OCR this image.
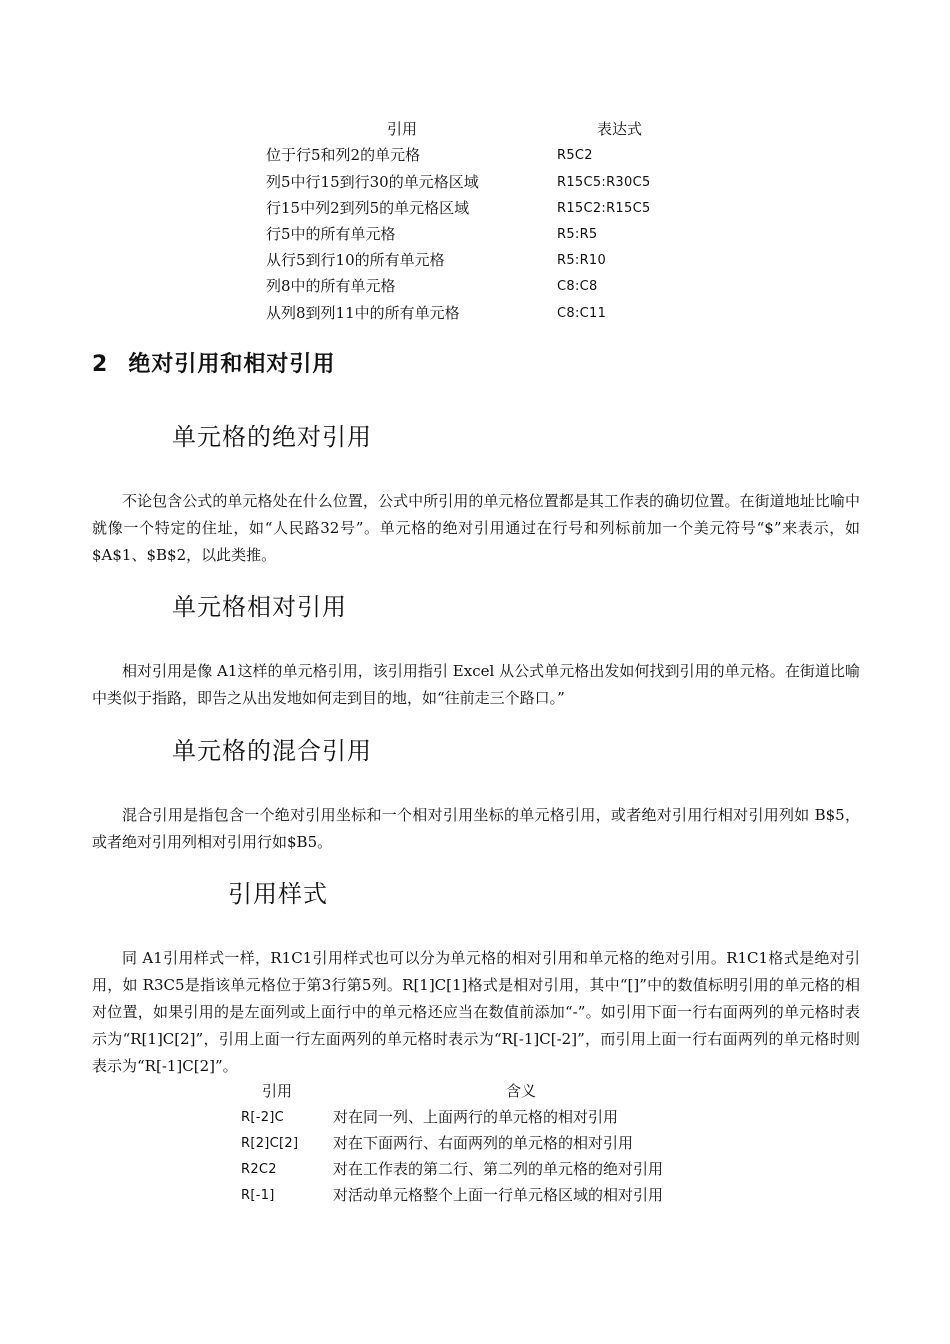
引用	表达式
位于行5和列2的单元格	R5C2
列5中行15到行30的单元格区域	R15C5:R30C5
行15中列2到列5的单元格区域	R15C2:R15C5
行5中的所有单元格	R5:R5
从行5到行10的所有单元格	R5:R10
列8中的所有单元格	C8:C8
从列8到列11中的所有单元格	C8:C11
2 绝对引用和相对引用
单元格的绝对引用
不论包含公式的单元格处在什么位置，公式中所引用的单元格位置都是其工作表的确切位置。在街道地址比喻中就像一个特定的住址，如“人民路32号”。单元格的绝对引用通过在行号和列标前加一个美元符号“$”来表示，如$A$1、$B$2，以此类推。
单元格相对引用
相对引用是像 A1这样的单元格引用，该引用指引 Excel 从公式单元格出发如何找到引用的单元格。在街道比喻中类似于指路，即告之从出发地如何走到目的地，如“往前走三个路口。”
单元格的混合引用
混合引用是指包含一个绝对引用坐标和一个相对引用坐标的单元格引用，或者绝对引用行相对引用列如 B$5，或者绝对引用列相对引用行如$B5。
引用样式
同 A1引用样式一样，R1C1引用样式也可以分为单元格的相对引用和单元格的绝对引用。R1C1格式是绝对引用，如 R3C5是指该单元格位于第3行第5列。R[1]C[1]格式是相对引用，其中“[]”中的数值标明引用的单元格的相对位置，如果引用的是左面列或上面行中的单元格还应当在数值前添加“-”。如引用下面一行右面两列的单元格时表示为“R[1]C[2]”，引用上面一行左面两列的单元格时表示为“R[-1]C[-2]”，而引用上面一行右面两列的单元格时则表示为“R[-1]C[2]”。
引用	含义
R[-2]C	对在同一列、上面两行的单元格的相对引用
R[2]C[2] 对在下面两行、右面两列的单元格的相对引用
R2C2	对在工作表的第二行、第二列的单元格的绝对引用
R[-1]	对活动单元格整个上面一行单元格区域的相对引用
